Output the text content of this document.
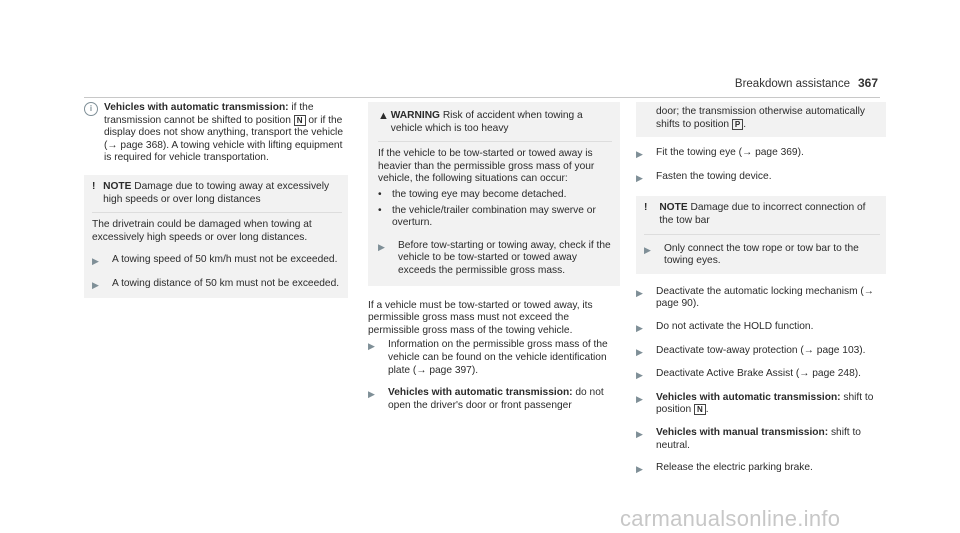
Breakdown assistance 367
i	Vehicles with automatic transmission: if the transmission cannot be shifted to position N or if the display does not show anything, transport the vehicle (→ page 368). A towing vehicle with lifting equipment is required for vehicle transportation.

! NOTE Damage due to towing away at excessively high speeds or over long distances

The drivetrain could be damaged when towing at excessively high speeds or over long distances.

▶	A towing speed of 50 km/h must not be exceeded.
▶	A towing distance of 50 km must not be exceeded.
▲ WARNING Risk of accident when towing a vehicle which is too heavy

If the vehicle to be tow-started or towed away is heavier than the permissible gross mass of your vehicle, the following situations can occur:

•	the towing eye may become detached.
•	the vehicle/trailer combination may swerve or overturn.
▶	Before tow-starting or towing away, check if the vehicle to be tow-started or towed away exceeds the permissible gross mass.

If a vehicle must be tow-started or towed away, its permissible gross mass must not exceed the permissible gross mass of the towing vehicle.

▶	Information on the permissible gross mass of the vehicle can be found on the vehicle identification plate (→ page 397).
▶	Vehicles with automatic transmission: do not open the driver's door or front passenger
door; the transmission otherwise automatically shifts to position P .
▶	Fit the towing eye (→ page 369).
▶	Fasten the towing device.
!	NOTE Damage due to incorrect connection of the tow bar

▶	Only connect the tow rope or tow bar to the towing eyes.
▶	Deactivate the automatic locking mechanism (→ page 90).
▶	Do not activate the HOLD function.
▶	Deactivate tow-away protection (→ page 103).
▶	Deactivate Active Brake Assist (→ page 248).
▶	Vehicles with automatic transmission: shift to position N .
▶	Vehicles with manual transmission: shift to neutral.
▶	Release the electric parking brake.
carmanualsonline.info
